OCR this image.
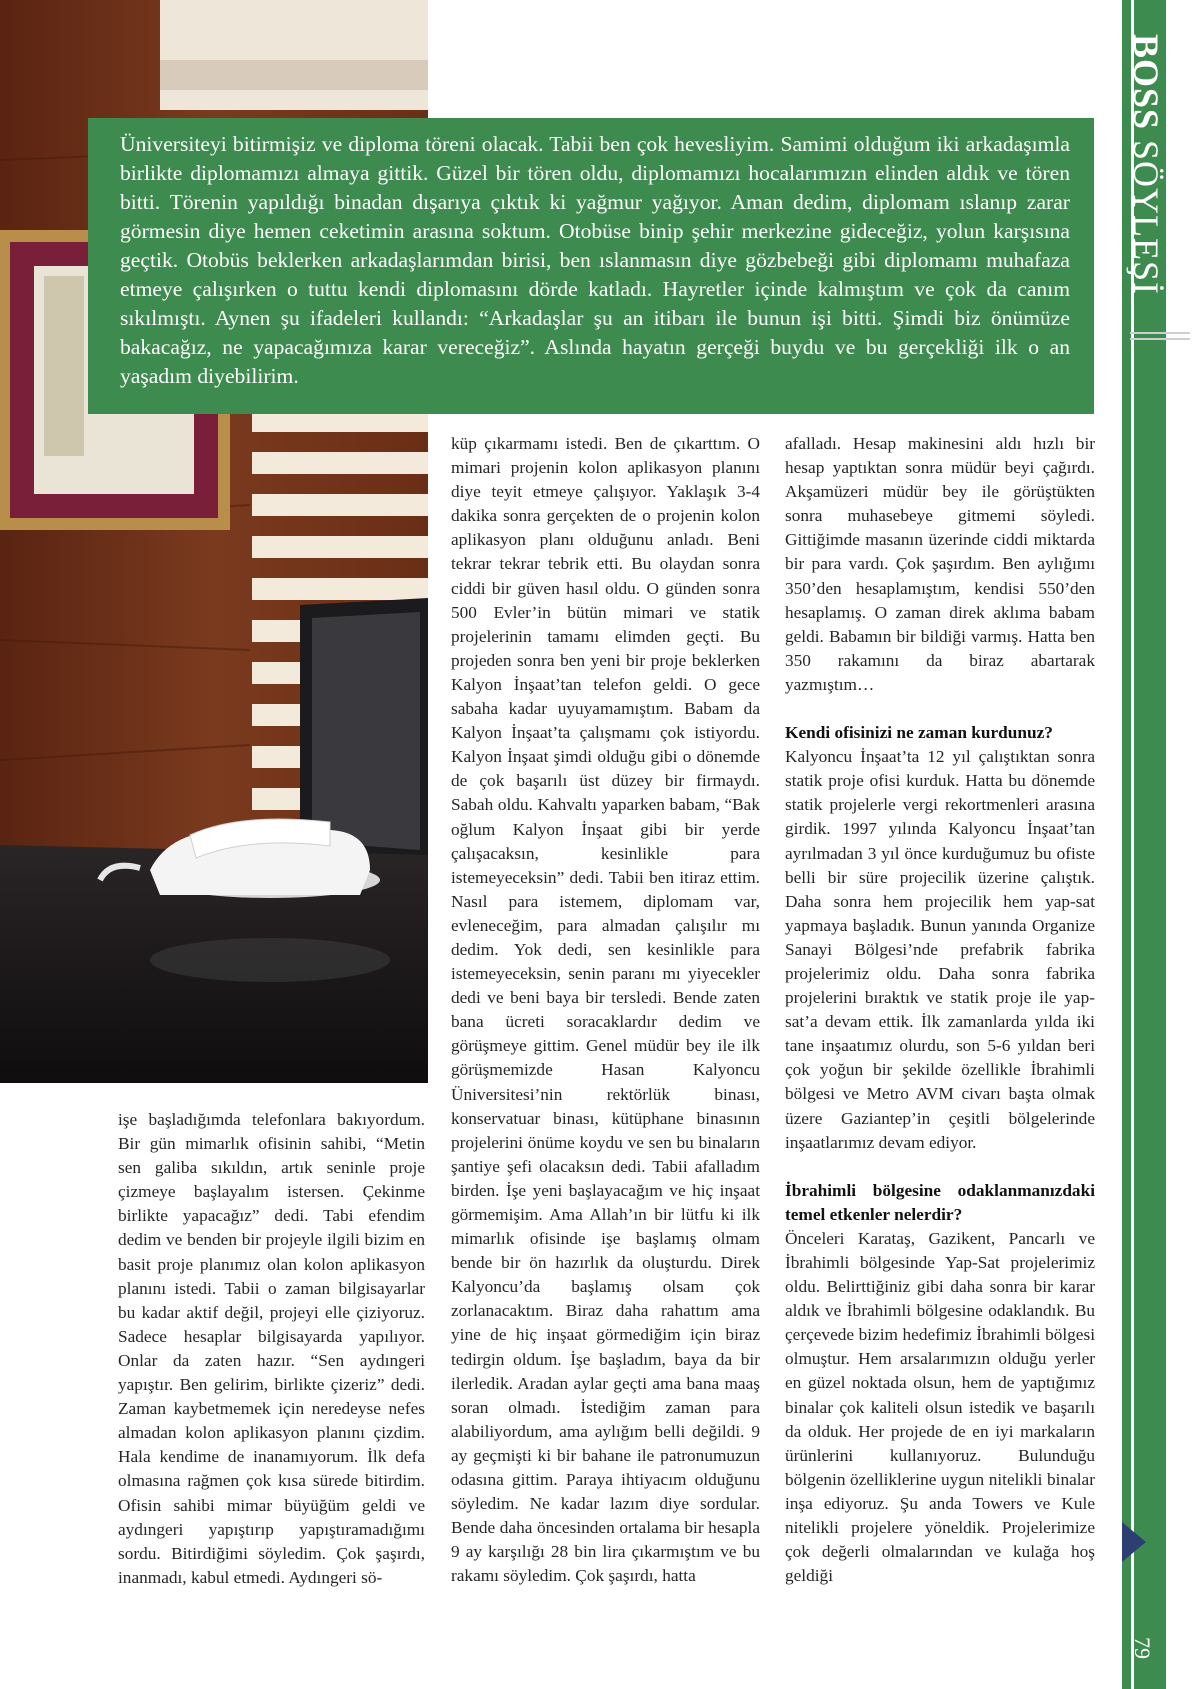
Üniversiteyi bitirmişiz ve diploma töreni olacak. Tabii ben çok hevesliyim. Samimi olduğum iki arkadaşımla birlikte diplomamızı almaya gittik. Güzel bir tören oldu, diplomamızı hocalarımızın elinden aldık ve tören bitti. Törenin yapıldığı binadan dışarıya çıktık ki yağmur yağıyor. Aman dedim, diplomam ıslanıp zarar görmesin diye hemen ceketimin arasına soktum. Otobüse binip şehir merkezine gideceğiz, yolun karşısına geçtik. Otobüs beklerken arkadaşlarımdan birisi, ben ıslanmasın diye gözbebeği gibi diplomamı muhafaza etmeye çalışırken o tuttu kendi diplomasını dörde katladı. Hayretler içinde kalmıştım ve çok da canım sıkılmıştı. Aynen şu ifadeleri kullandı: “Arkadaşlar şu an itibarı ile bunun işi bitti. Şimdi biz önümüze bakacağız, ne yapacağımıza karar vereceğiz”. Aslında hayatın gerçeği buydu ve bu gerçekliği ilk o an yaşadım diyebilirim.

işe başladığımda telefonlara bakıyordum. Bir gün mimarlık ofisinin sahibi, “Metin sen galiba sıkıldın, artık seninle proje çizmeye başlayalım istersen. Çekinme birlikte yapacağız” dedi. Tabi efendim dedim ve benden bir projeyle ilgili bizim en basit proje planımız olan kolon aplikasyon planını istedi. Tabii o zaman bilgisayarlar bu kadar aktif değil, projeyi elle çiziyoruz. Sadece hesaplar bilgisayarda yapılıyor. Onlar da zaten hazır. “Sen aydıngeri yapıştır. Ben gelirim, birlikte çizeriz” dedi. Zaman kaybetmemek için neredeyse nefes almadan kolon aplikasyon planını çizdim. Hala kendime de inanamıyorum. İlk defa olmasına rağmen çok kısa sürede bitirdim. Ofisin sahibi mimar büyüğüm geldi ve aydıngeri yapıştırıp yapıştıramadığımı sordu. Bitirdiğimi söyledim. Çok şaşırdı, inanmadı, kabul etmedi. Aydıngeri sö-

küp çıkarmamı istedi. Ben de çıkarttım. O mimari projenin kolon aplikasyon planını diye teyit etmeye çalışıyor. Yaklaşık 3-4 dakika sonra gerçekten de o projenin kolon aplikasyon planı olduğunu anladı. Beni tekrar tekrar tebrik etti. Bu olaydan sonra ciddi bir güven hasıl oldu. O günden sonra 500 Evler’in bütün mimari ve statik projelerinin tamamı elimden geçti. Bu projeden sonra ben yeni bir proje beklerken Kalyon İnşaat’tan telefon geldi. O gece sabaha kadar uyuyamamıştım. Babam da Kalyon İnşaat’ta çalışmamı çok istiyordu. Kalyon İnşaat şimdi olduğu gibi o dönemde de çok başarılı üst düzey bir firmaydı. Sabah oldu. Kahvaltı yaparken babam, “Bak oğlum Kalyon İnşaat gibi bir yerde çalışacaksın, kesinlikle para istemeyeceksin” dedi. Tabii ben itiraz ettim. Nasıl para istemem, diplomam var, evleneceğim, para almadan çalışılır mı dedim. Yok dedi, sen kesinlikle para istemeyeceksin, senin paranı mı yiyecekler dedi ve beni baya bir tersledi. Bende zaten bana ücreti soracaklardır dedim ve görüşmeye gittim. Genel müdür bey ile ilk görüşmemizde Hasan Kalyoncu Üniversitesi’nin rektörlük binası, konservatuar binası, kütüphane binasının projelerini önüme koydu ve sen bu binaların şantiye şefi olacaksın dedi. Tabii afalladım birden. İşe yeni başlayacağım ve hiç inşaat görmemişim. Ama Allah’ın bir lütfu ki ilk mimarlık ofisinde işe başlamış olmam bende bir ön hazırlık da oluşturdu. Direk Kalyoncu’da başlamış olsam çok zorlanacaktım. Biraz daha rahattım ama yine de hiç inşaat görmediğim için biraz tedirgin oldum. İşe başladım, baya da bir ilerledik. Aradan aylar geçti ama bana maaş soran olmadı. İstediğim zaman para alabiliyordum, ama aylığım belli değildi. 9 ay geçmişti ki bir bahane ile patronumuzun odasına gittim. Paraya ihtiyacım olduğunu söyledim. Ne kadar lazım diye sordular. Bende daha öncesinden ortalama bir hesapla 9 ay karşılığı 28 bin lira çıkarmıştım ve bu rakamı söyledim. Çok şaşırdı, hatta

afalladı. Hesap makinesini aldı hızlı bir hesap yaptıktan sonra müdür beyi çağırdı. Akşamüzeri müdür bey ile görüştükten sonra muhasebeye gitmemi söyledi. Gittiğimde masanın üzerinde ciddi miktarda bir para vardı. Çok şaşırdım. Ben aylığımı 350’den hesaplamıştım, kendisi 550’den hesaplamış. O zaman direk aklıma babam geldi. Babamın bir bildiği varmış. Hatta ben 350 rakamını da biraz abartarak yazmıştım…

Kendi ofisinizi ne zaman kurdunuz?

Kalyoncu İnşaat’ta 12 yıl çalıştıktan sonra statik proje ofisi kurduk. Hatta bu dönemde statik projelerle vergi rekortmenleri arasına girdik. 1997 yılında Kalyoncu İnşaat’tan ayrılmadan 3 yıl önce kurduğumuz bu ofiste belli bir süre projecilik üzerine çalıştık. Daha sonra hem projecilik hem yap-sat yapmaya başladık. Bunun yanında Organize Sanayi Bölgesi’nde prefabrik fabrika projelerimiz oldu. Daha sonra fabrika projelerini bıraktık ve statik proje ile yap-sat’a devam ettik. İlk zamanlarda yılda iki tane inşaatımız olurdu, son 5-6 yıldan beri çok yoğun bir şekilde özellikle İbrahimli bölgesi ve Metro AVM civarı başta olmak üzere Gaziantep’in çeşitli bölgelerinde inşaatlarımız devam ediyor.

İbrahimli bölgesine odaklanmanızdaki temel etkenler nelerdir?

Önceleri Karataş, Gazikent, Pancarlı ve İbrahimli bölgesinde Yap-Sat projelerimiz oldu. Belirttiğiniz gibi daha sonra bir karar aldık ve İbrahimli bölgesine odaklandık. Bu çerçevede bizim hedefimiz İbrahimli bölgesi olmuştur. Hem arsalarımızın olduğu yerler en güzel noktada olsun, hem de yaptığımız binalar çok kaliteli olsun istedik ve başarılı da olduk. Her projede de en iyi markaların ürünlerini kullanıyoruz. Bulunduğu bölgenin özelliklerine uygun nitelikli binalar inşa ediyoruz. Şu anda Towers ve Kule nitelikli projelere yöneldik. Projelerimize çok değerli olmalarından ve kulağa hoş geldiği

BOSSSÖYLEŞİ
79
